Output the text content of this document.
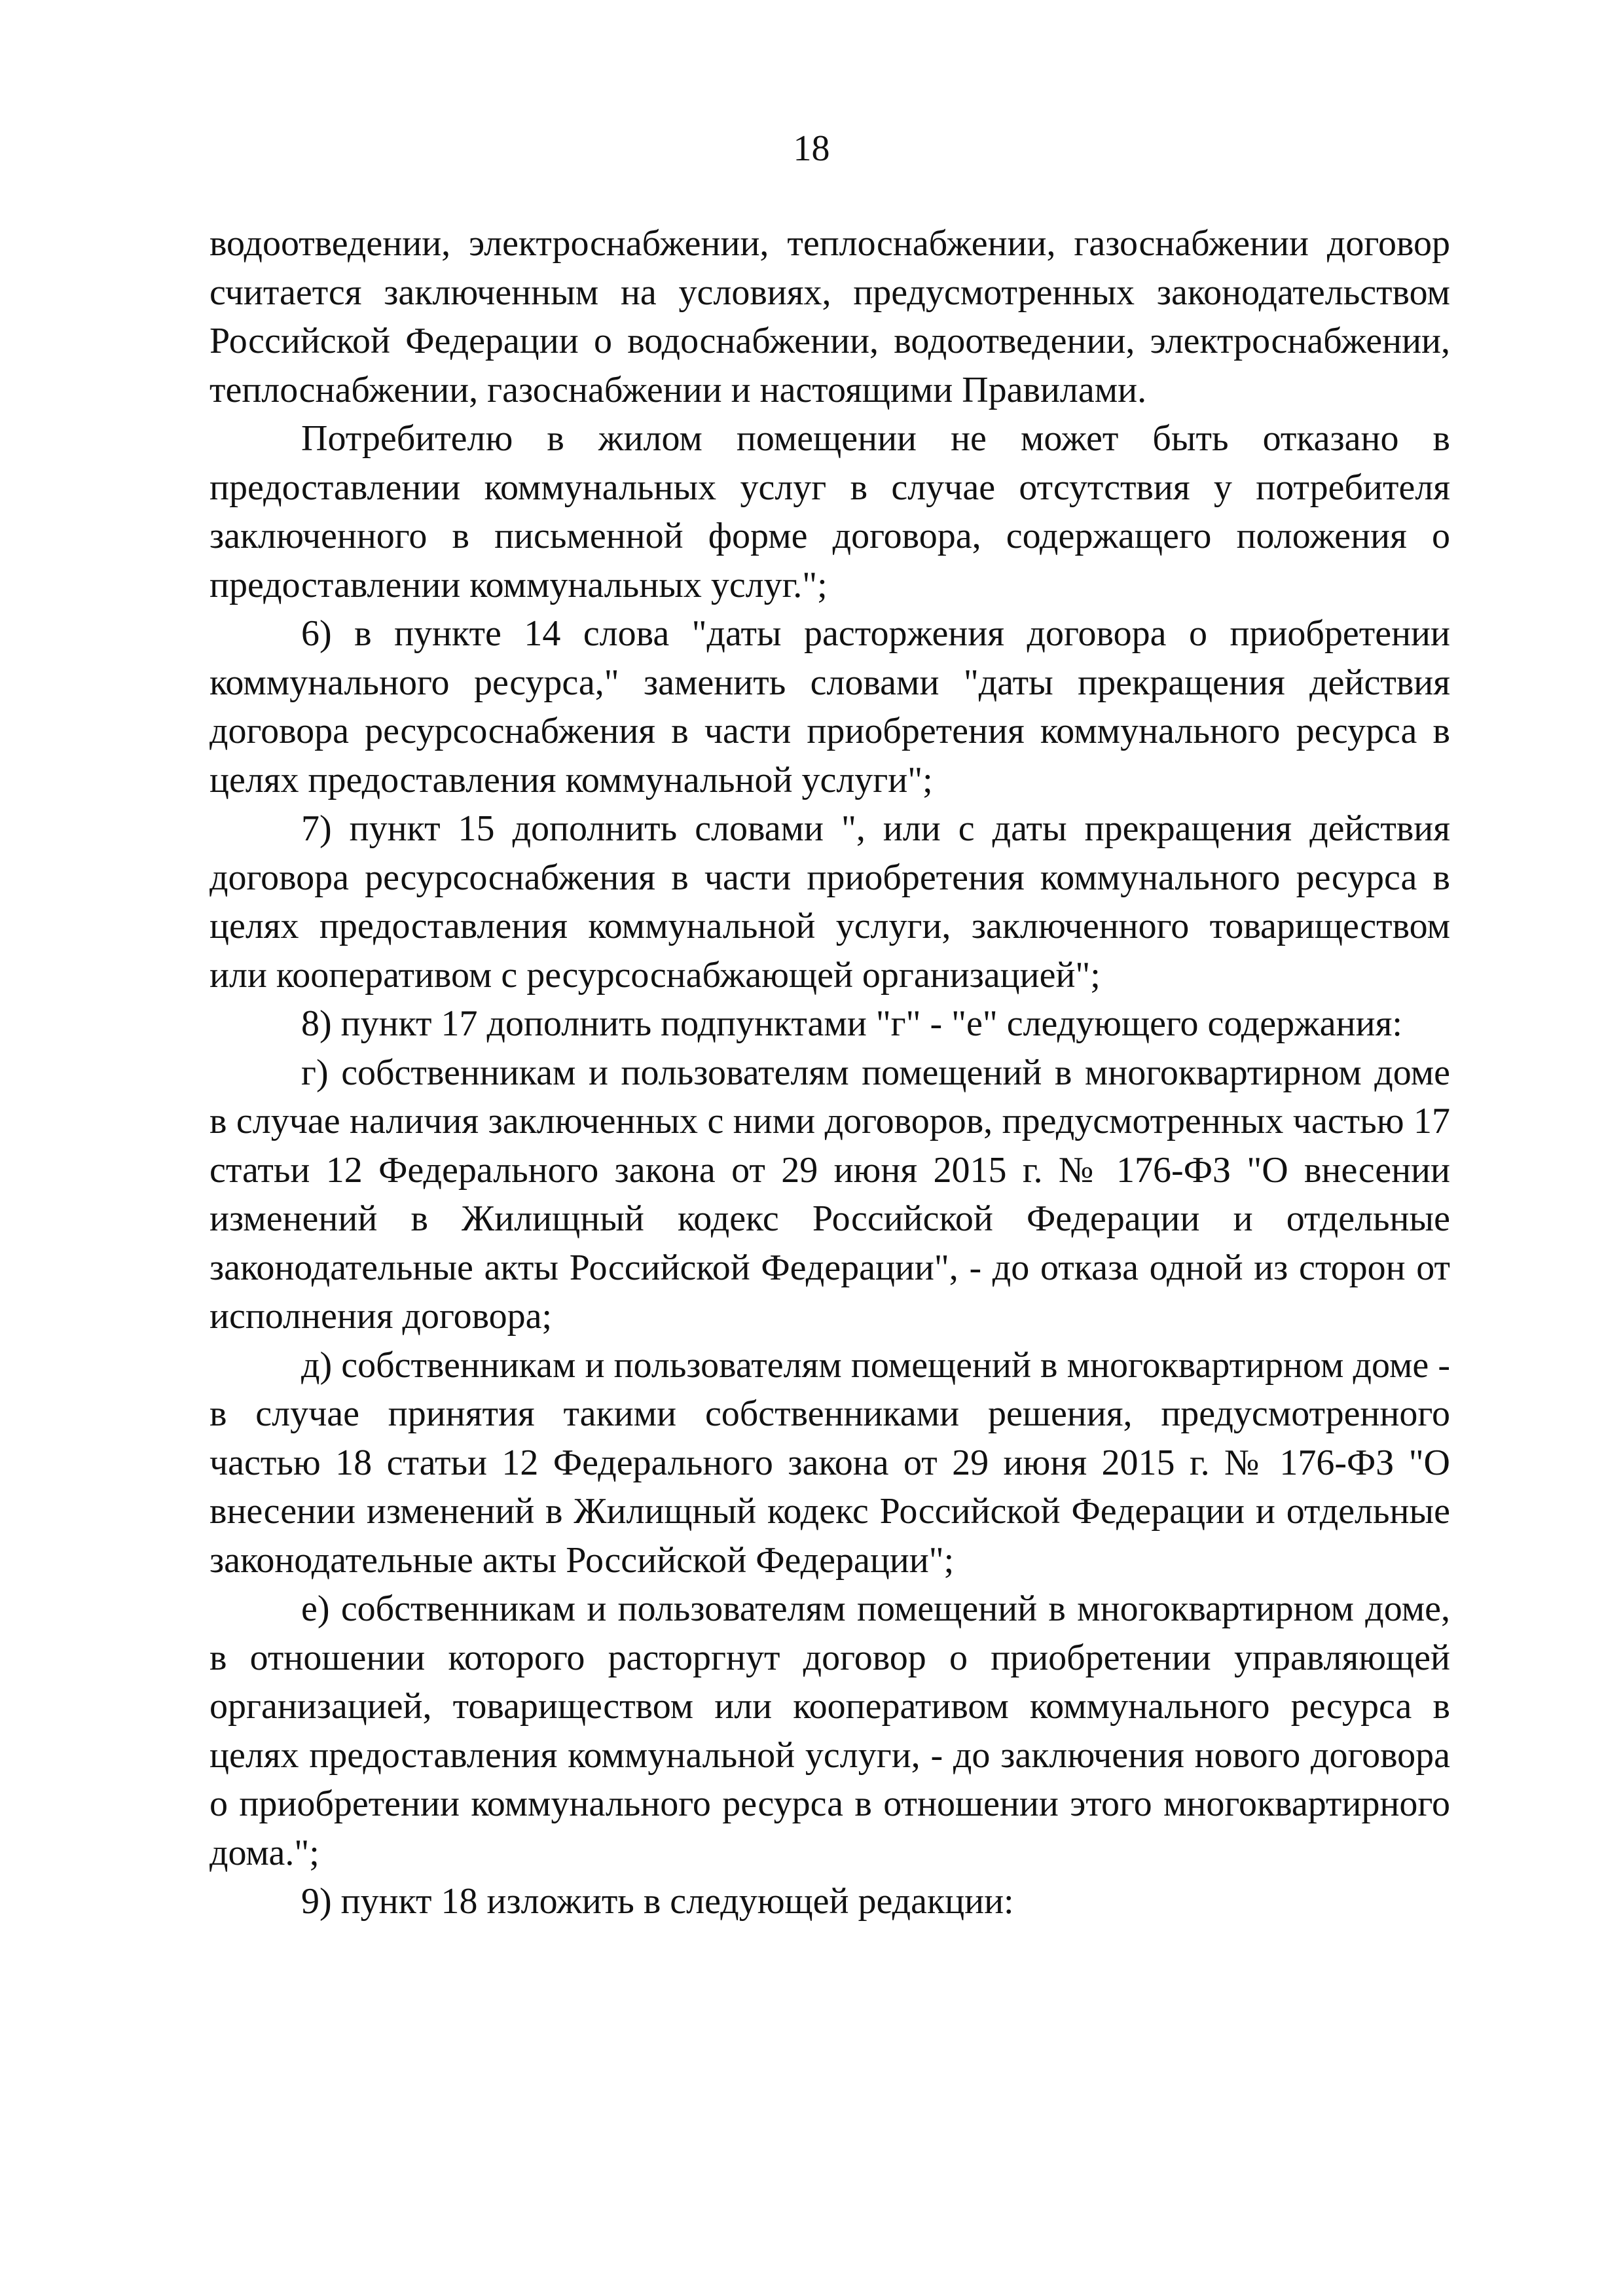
18

водоотведении, электроснабжении, теплоснабжении, газоснабжении договор считается заключенным на условиях, предусмотренных законодательством Российской Федерации о водоснабжении, водоотведении, электроснабжении, теплоснабжении, газоснабжении и настоящими Правилами.

Потребителю в жилом помещении не может быть отказано в предоставлении коммунальных услуг в случае отсутствия у потребителя заключенного в письменной форме договора, содержащего положения о предоставлении коммунальных услуг.";

6) в пункте 14 слова "даты расторжения договора о приобретении коммунального ресурса," заменить словами "даты прекращения действия договора ресурсоснабжения в части приобретения коммунального ресурса в целях предоставления коммунальной услуги";

7) пункт 15 дополнить словами ", или с даты прекращения действия договора ресурсоснабжения в части приобретения коммунального ресурса в целях предоставления коммунальной услуги, заключенного товариществом или кооперативом с ресурсоснабжающей организацией";

8) пункт 17 дополнить подпунктами "г" - "е" следующего содержания:

г) собственникам и пользователям помещений в многоквартирном доме в случае наличия заключенных с ними договоров, предусмотренных частью 17 статьи 12 Федерального закона от 29 июня 2015 г. № 176-ФЗ "О внесении изменений в Жилищный кодекс Российской Федерации и отдельные законодательные акты Российской Федерации", - до отказа одной из сторон от исполнения договора;

д) собственникам и пользователям помещений в многоквартирном доме - в случае принятия такими собственниками решения, предусмотренного частью 18 статьи 12 Федерального закона от 29 июня 2015 г. № 176-ФЗ "О внесении изменений в Жилищный кодекс Российской Федерации и отдельные законодательные акты Российской Федерации";

е) собственникам и пользователям помещений в многоквартирном доме, в отношении которого расторгнут договор о приобретении управляющей организацией, товариществом или кооперативом коммунального ресурса в целях предоставления коммунальной услуги, - до заключения нового договора о приобретении коммунального ресурса в отношении этого многоквартирного дома.";

9) пункт 18 изложить в следующей редакции:
